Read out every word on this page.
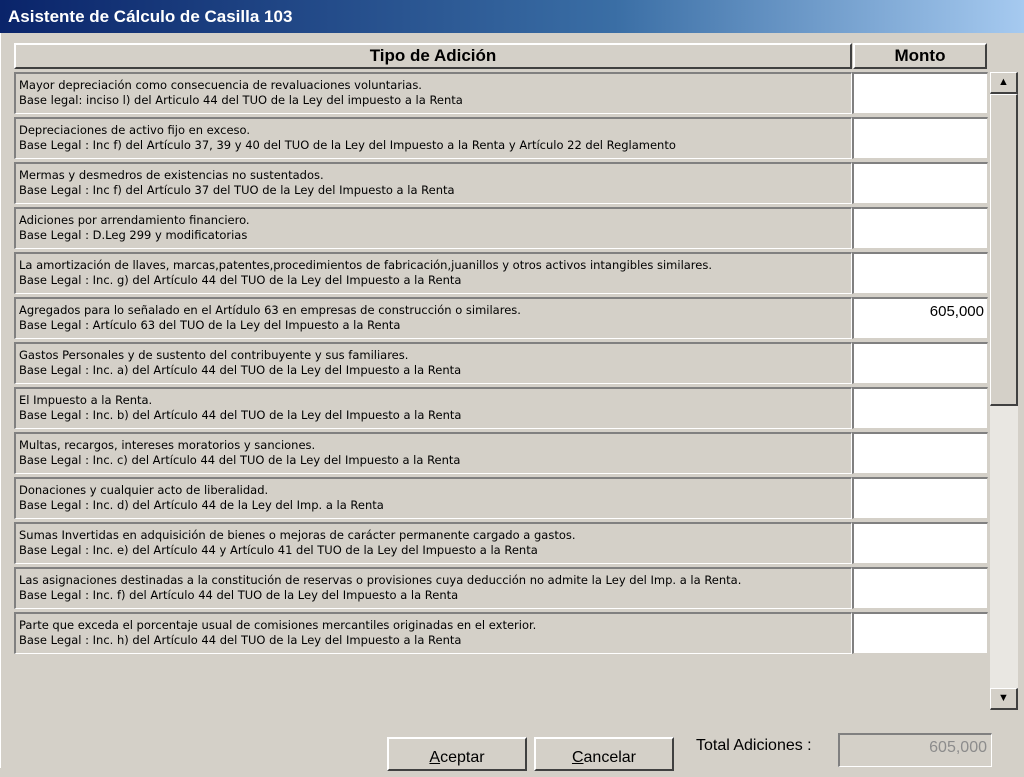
Asistente de Cálculo de Casilla 103
Tipo de Adición	Monto
Mayor depreciación como consecuencia de revaluaciones voluntarias.
Base legal: inciso l) del Articulo 44 del TUO de la Ley del impuesto a la Renta
Depreciaciones de activo fijo en exceso.
Base Legal : Inc f) del Artículo 37, 39 y 40 del TUO de la Ley del Impuesto a la Renta y Artículo 22 del Reglamento
Mermas y desmedros de existencias no sustentados.
Base Legal : Inc f) del Artículo 37 del TUO de la Ley del Impuesto a la Renta
Adiciones por arrendamiento financiero.
Base Legal : D.Leg 299 y modificatorias
La amortización de llaves, marcas,patentes,procedimientos de fabricación,juanillos y otros activos intangibles similares.
Base Legal : Inc. g) del Artículo 44 del TUO de la Ley del Impuesto a la Renta
Agregados para lo señalado en el Artídulo 63 en empresas de construcción o similares.
Base Legal : Artículo 63 del TUO de la Ley del Impuesto a la Renta
605,000
Gastos Personales y de sustento del contribuyente y sus familiares.
Base Legal : Inc. a) del Artículo 44 del TUO de la Ley del Impuesto a la Renta
El Impuesto a la Renta.
Base Legal : Inc. b) del Artículo 44 del TUO de la Ley del Impuesto a la Renta
Multas, recargos, intereses moratorios y sanciones.
Base Legal : Inc. c) del Artículo 44 del TUO de la Ley del Impuesto a la Renta
Donaciones y cualquier acto de liberalidad.
Base Legal : Inc. d) del Artículo 44 de la Ley del Imp. a la Renta
Sumas Invertidas en adquisición de bienes o mejoras de carácter permanente cargado a gastos.
Base Legal : Inc. e) del Artículo 44 y Artículo 41 del TUO de la Ley del Impuesto a la Renta
Las asignaciones destinadas a la constitución de reservas o provisiones cuya deducción no admite la Ley del Imp. a la Renta.
Base Legal : Inc. f) del Artículo 44 del TUO de la Ley del Impuesto a la Renta
Parte que exceda el porcentaje usual de comisiones mercantiles originadas en el exterior.
Base Legal : Inc. h) del Artículo 44 del TUO de la Ley del Impuesto a la Renta
▲
▼
Aceptar	Cancelar
Total Adiciones :	605,000
